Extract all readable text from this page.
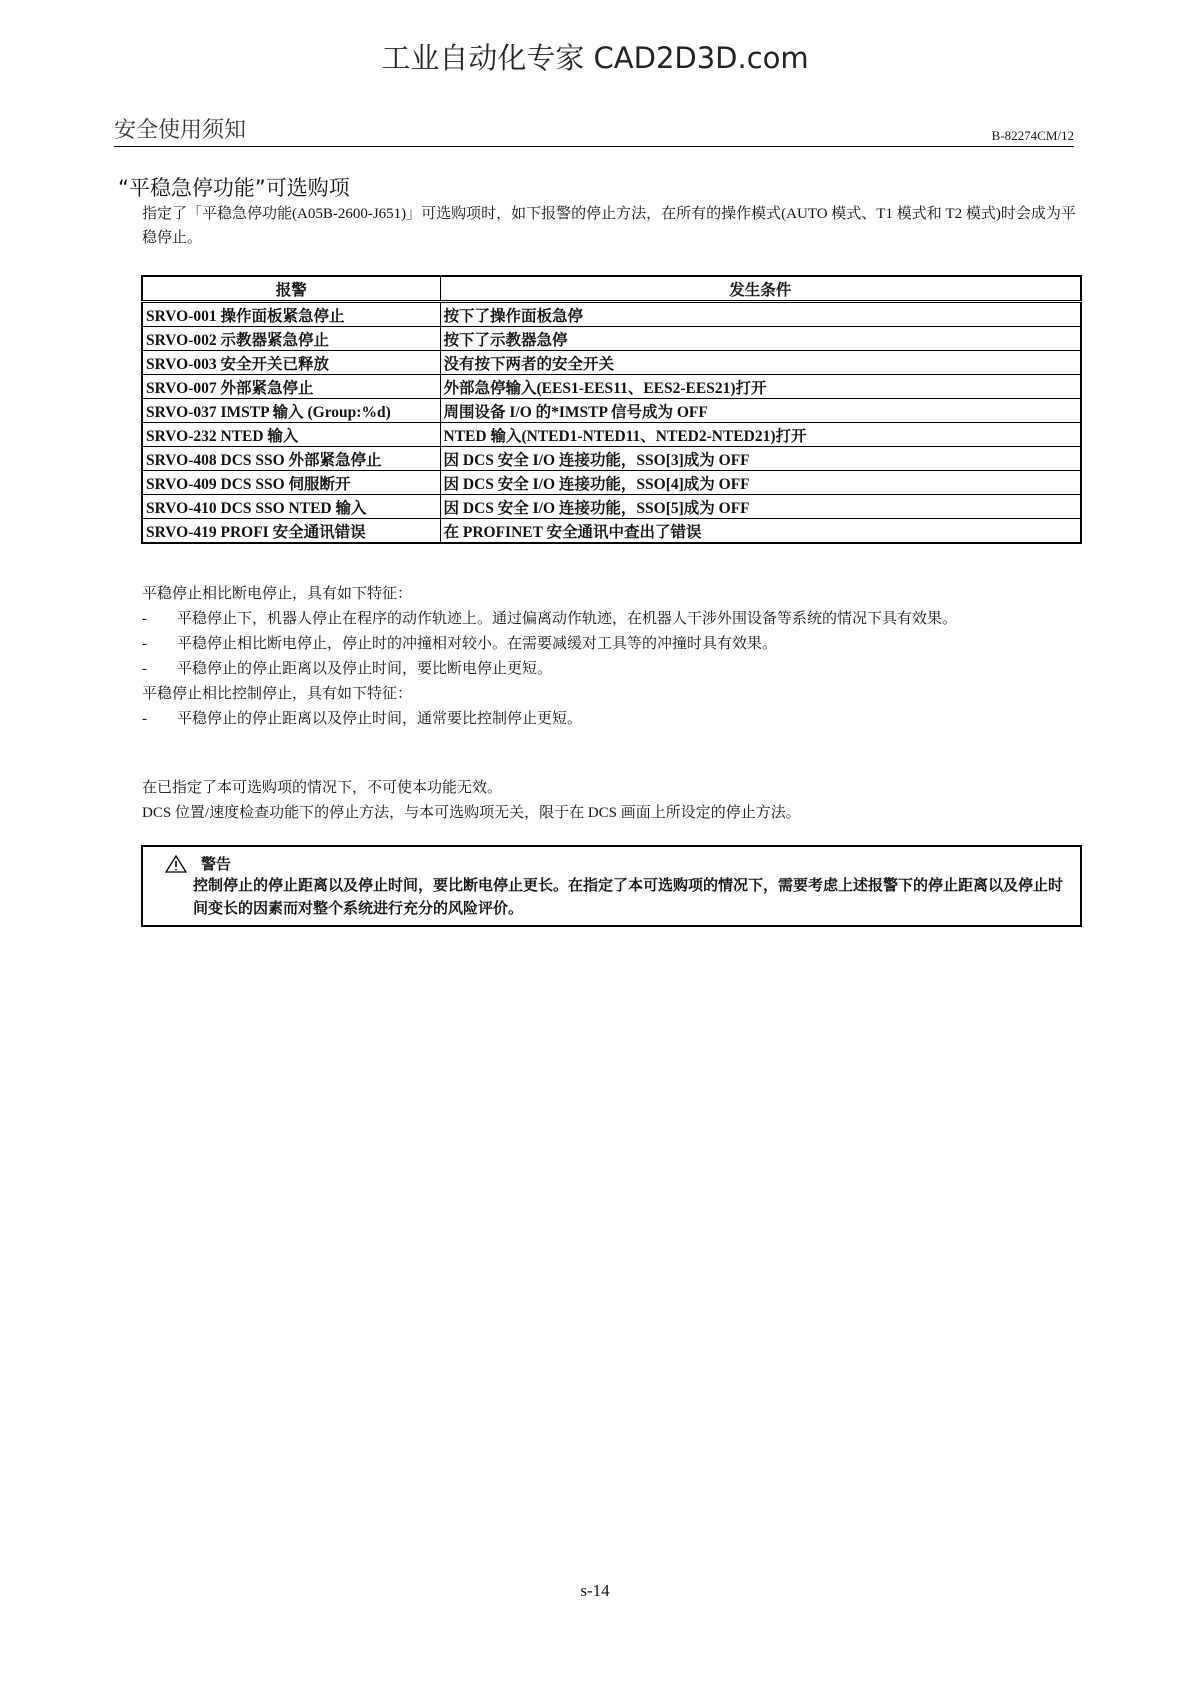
工业自动化专家 CAD2D3D.com
安全使用须知	B-82274CM/12
“平稳急停功能”可选购项
指定了「平稳急停功能(A05B-2600-J651)」可选购项时，如下报警的停止方法，在所有的操作模式(AUTO 模式、T1 模式和 T2 模式)时会成为平稳停止。
报警	发生条件
SRVO-001 操作面板紧急停止	按下了操作面板急停
SRVO-002 示教器紧急停止	按下了示教器急停
SRVO-003 安全开关已释放	没有按下两者的安全开关
SRVO-007 外部紧急停止	外部急停输入(EES1-EES11、EES2-EES21)打开
SRVO-037 IMSTP 输入 (Group:%d)	周围设备 I/O 的*IMSTP 信号成为 OFF
SRVO-232 NTED 输入	NTED 输入(NTED1-NTED11、NTED2-NTED21)打开
SRVO-408 DCS SSO 外部紧急停止	因 DCS 安全 I/O 连接功能，SSO[3]成为 OFF
SRVO-409 DCS SSO 伺服断开	因 DCS 安全 I/O 连接功能，SSO[4]成为 OFF
SRVO-410 DCS SSO NTED 输入	因 DCS 安全 I/O 连接功能，SSO[5]成为 OFF
SRVO-419 PROFI 安全通讯错误	在 PROFINET 安全通讯中查出了错误
平稳停止相比断电停止，具有如下特征：
- 平稳停止下，机器人停止在程序的动作轨迹上。通过偏离动作轨迹，在机器人干涉外围设备等系统的情况下具有效果。
- 平稳停止相比断电停止，停止时的冲撞相对较小。在需要减缓对工具等的冲撞时具有效果。
- 平稳停止的停止距离以及停止时间，要比断电停止更短。
平稳停止相比控制停止，具有如下特征：
- 平稳停止的停止距离以及停止时间，通常要比控制停止更短。
在已指定了本可选购项的情况下，不可使本功能无效。
DCS 位置/速度检查功能下的停止方法，与本可选购项无关，限于在 DCS 画面上所设定的停止方法。
警告
控制停止的停止距离以及停止时间，要比断电停止更长。在指定了本可选购项的情况下，需要考虑上述报警下的停止距离以及停止时间变长的因素而对整个系统进行充分的风险评价。
s-14
